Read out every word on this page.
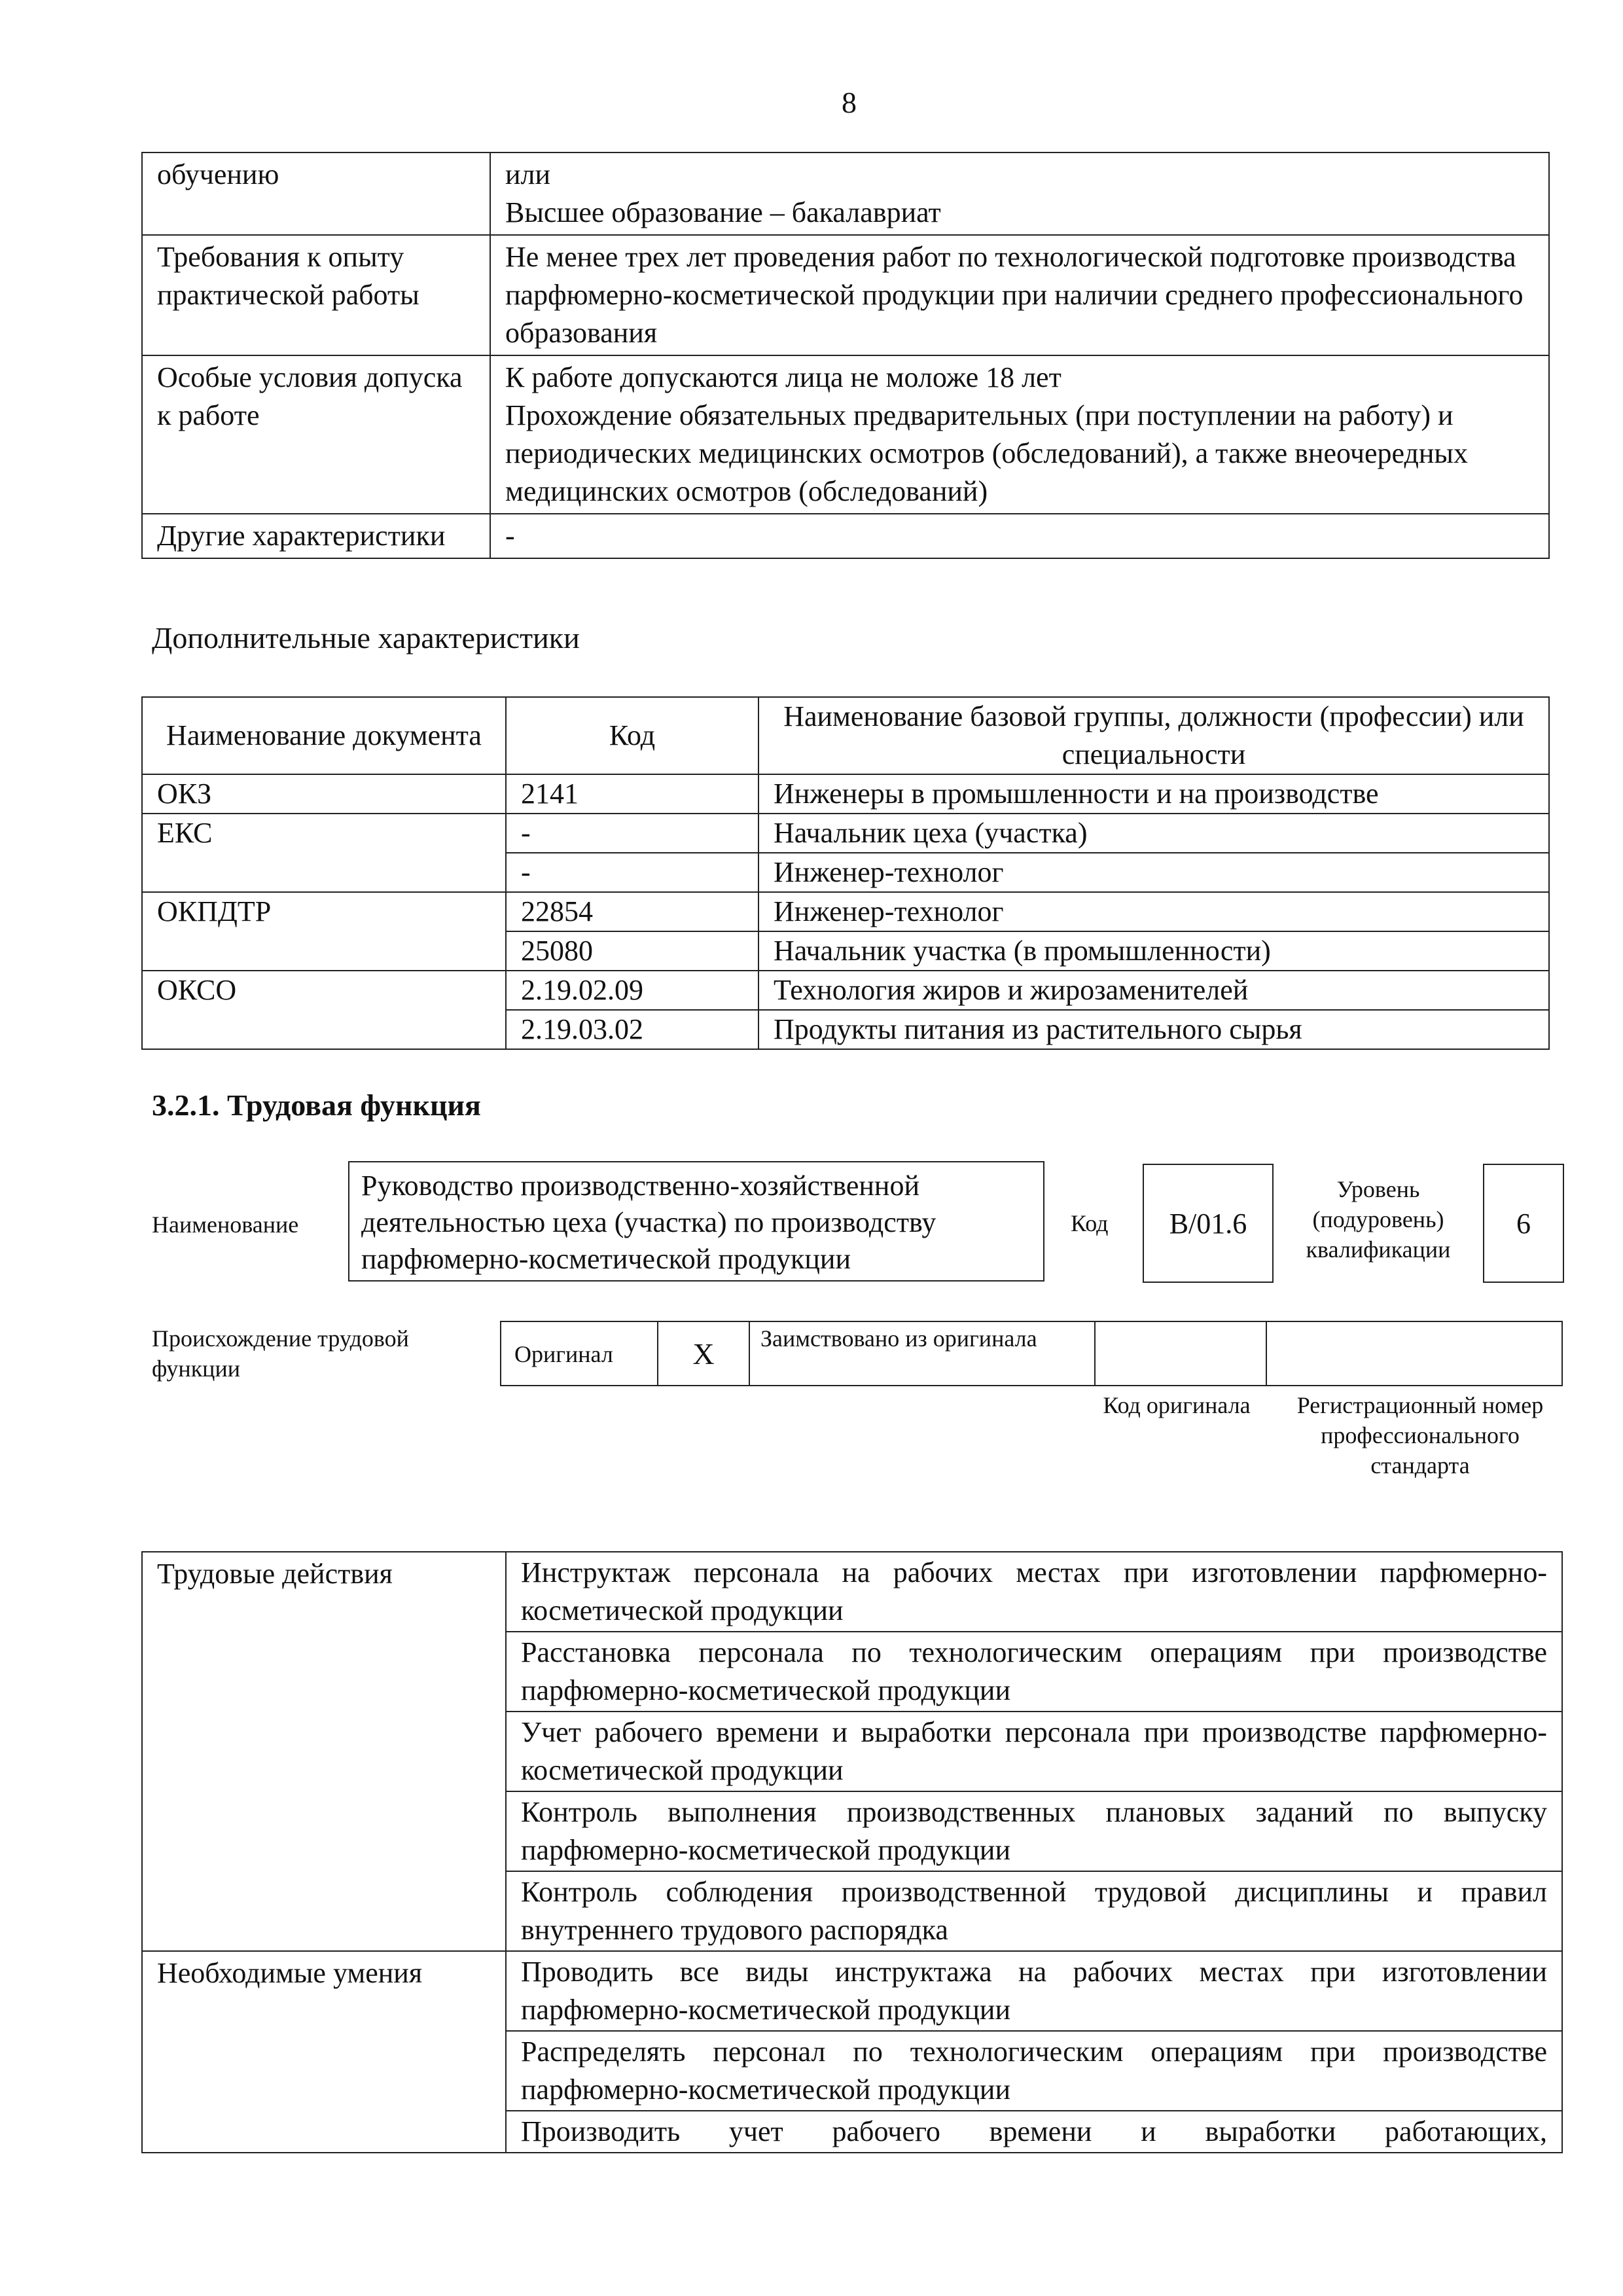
8
обучению	или
Высшее образование – бакалавриат

Требования к опыту практической работы	Не менее трех лет проведения работ по технологической подготовке производства парфюмерно-косметической продукции при наличии среднего профессионального образования

Особые условия допуска к работе	К работе допускаются лица не моложе 18 лет
Прохождение обязательных предварительных (при поступлении на работу) и периодических медицинских осмотров (обследований), а также внеочередных медицинских осмотров (обследований)

Другие характеристики	-
Дополнительные характеристики
Наименование документа	Код	Наименование базовой группы, должности (профессии) или специальности
ОКЗ	2141	Инженеры в промышленности и на производстве
ЕКС	-	Начальник цеха (участка)
	-	Инженер-технолог
ОКПДТР	22854	Инженер-технолог
	25080	Начальник участка (в промышленности)
ОКСО	2.19.02.09	Технология жиров и жирозаменителей
	2.19.03.02	Продукты питания из растительного сырья
3.2.1. Трудовая функция
Наименование
Руководство производственно-хозяйственной деятельностью цеха (участка) по производству парфюмерно-косметической продукции
Код	B/01.6
Уровень (подуровень) квалификации
6
Происхождение трудовой функции
Оригинал	X	Заимствовано из оригинала
Код оригинала	Регистрационный номер профессионального стандарта
Трудовые действия	Инструктаж персонала на рабочих местах при изготовлении парфюмерно-косметической продукции
	Расстановка персонала по технологическим операциям при производстве парфюмерно-косметической продукции
	Учет рабочего времени и выработки персонала при производстве парфюмерно-косметической продукции
	Контроль выполнения производственных плановых заданий по выпуску парфюмерно-косметической продукции
	Контроль соблюдения производственной трудовой дисциплины и правил внутреннего трудового распорядка
Необходимые умения	Проводить все виды инструктажа на рабочих местах при изготовлении парфюмерно-косметической продукции
	Распределять персонал по технологическим операциям при производстве парфюмерно-косметической продукции
	Производить учет рабочего времени и выработки работающих,
